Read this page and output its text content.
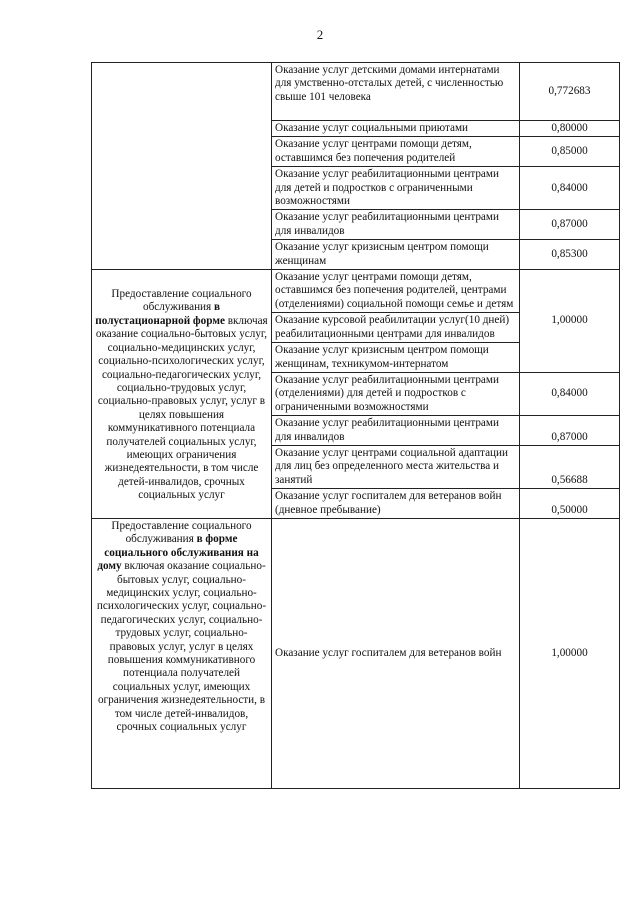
2
	Оказание услуг детскими домами интернатами для умственно-отсталых детей, с численностью свыше 101 человека	0,772683
	Оказание услуг социальными приютами	0,80000
	Оказание услуг центрами помощи детям, оставшимся без попечения родителей	0,85000
	Оказание услуг реабилитационными центрами для детей и подростков с ограниченными возможностями	0,84000
	Оказание услуг реабилитационными центрами для инвалидов	0,87000
	Оказание услуг кризисным центром помощи женщинам	0,85300
Предоставление социального обслуживания в полустационарной форме включая оказание социально-бытовых услуг, социально-медицинских услуг, социально-психологических услуг, социально-педагогических услуг, социально-трудовых услуг, социально-правовых услуг, услуг в целях повышения коммуникативного потенциала получателей социальных услуг, имеющих ограничения жизнедеятельности, в том числе детей-инвалидов, срочных социальных услуг	Оказание услуг центрами помощи детям, оставшимся без попечения родителей, центрами (отделениями) социальной помощи семье и детям	1,00000
	Оказание курсовой реабилитации услуг(10 дней) реабилитационными центрами для инвалидов	
	Оказание услуг кризисным центром помощи женщинам, техникумом-интернатом	
	Оказание услуг реабилитационными центрами (отделениями) для детей и подростков с ограниченными возможностями	0,84000
	Оказание услуг реабилитационными центрами для инвалидов	0,87000
	Оказание услуг центрами социальной адаптации для лиц без определенного места жительства и занятий	0,56688
	Оказание услуг госпиталем для ветеранов войн (дневное пребывание)	0,50000
Предоставление социального обслуживания в форме социального обслуживания на дому включая оказание социально-бытовых услуг, социально-медицинских услуг, социально-психологических услуг, социально-педагогических услуг, социально-трудовых услуг, социально-правовых услуг, услуг в целях повышения коммуникативного потенциала получателей социальных услуг, имеющих ограничения жизнедеятельности, в том числе детей-инвалидов, срочных социальных услуг	Оказание услуг госпиталем для ветеранов войн	1,00000
